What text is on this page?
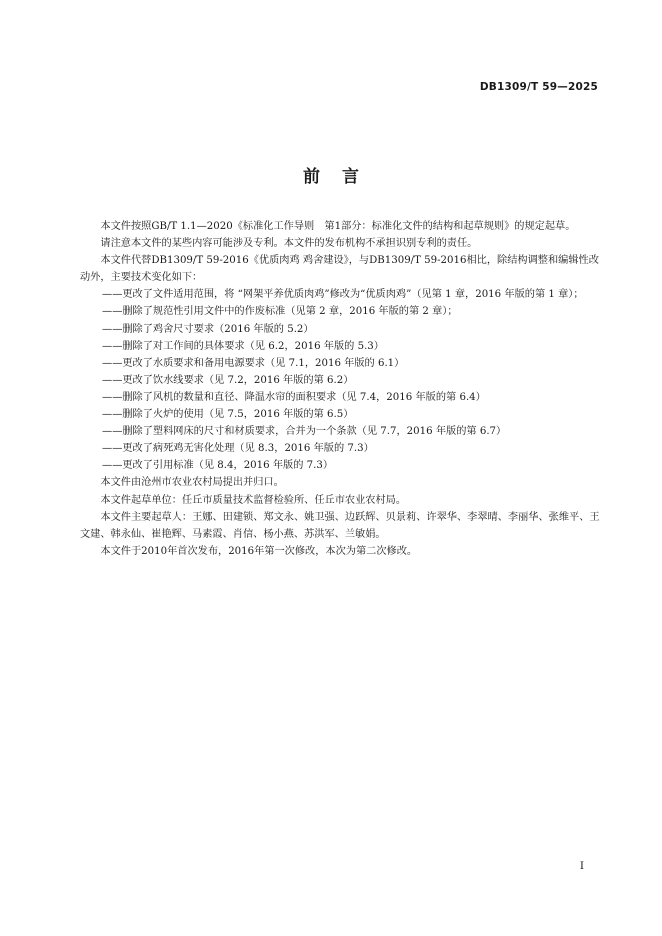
DB1309/T 59—2025
前言

本文件按照GB/T 1.1—2020《标准化工作导则　第1部分：标准化文件的结构和起草规则》的规定起草。

请注意本文件的某些内容可能涉及专利。本文件的发布机构不承担识别专利的责任。

本文件代替DB1309/T 59-2016《优质肉鸡 鸡舍建设》，与DB1309/T 59-2016相比，除结构调整和编辑性改动外，主要技术变化如下：

——更改了文件适用范围，将 “网架平养优质肉鸡”修改为“优质肉鸡”（见第 1 章，2016 年版的第 1 章）；

——删除了规范性引用文件中的作废标准（见第 2 章，2016 年版的第 2 章）；

——删除了鸡舍尺寸要求（2016 年版的 5.2）

——删除了对工作间的具体要求（见 6.2，2016 年版的 5.3）

——更改了水质要求和备用电源要求（见 7.1，2016 年版的 6.1）

——更改了饮水线要求（见 7.2，2016 年版的第 6.2）

——删除了风机的数量和直径、降温水帘的面积要求（见 7.4，2016 年版的第 6.4）

——删除了火炉的使用（见 7.5，2016 年版的第 6.5）

——删除了塑料网床的尺寸和材质要求，合并为一个条款（见 7.7，2016 年版的第 6.7）

——更改了病死鸡无害化处理（见 8.3，2016 年版的 7.3）

——更改了引用标准（见 8.4，2016 年版的 7.3）

本文件由沧州市农业农村局提出并归口。

本文件起草单位：任丘市质量技术监督检验所、任丘市农业农村局。

本文件主要起草人：王娜、田建锁、郑文永、姚卫强、边跃辉、贝景莉、许翠华、李翠晴、李丽华、张维平、王文建、韩永仙、崔艳辉、马素霞、肖信、杨小燕、苏洪军、兰敏娟。

本文件于2010年首次发布，2016年第一次修改，本次为第二次修改。

I
